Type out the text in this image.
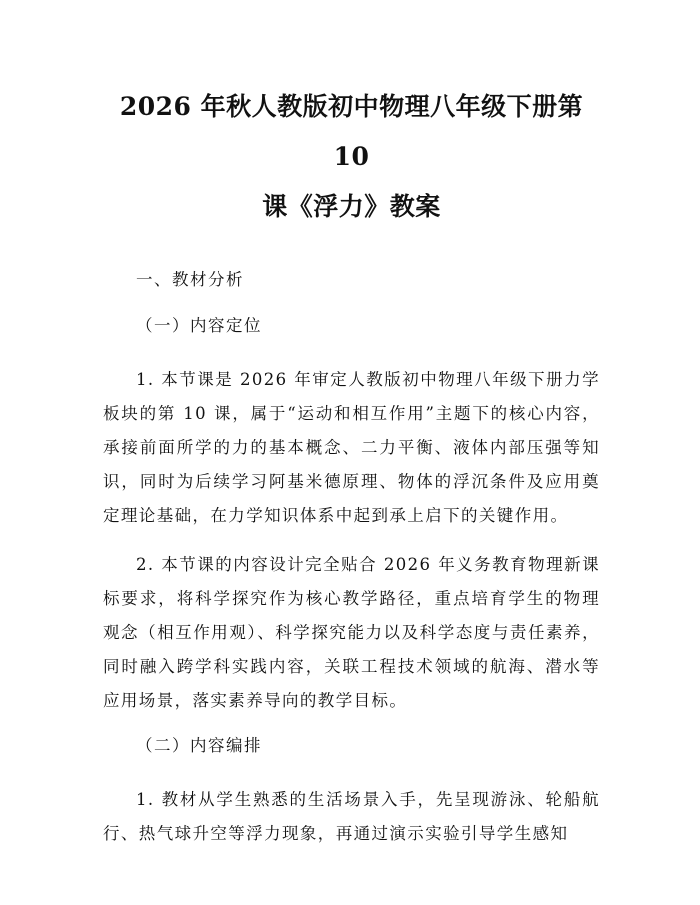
2026 年秋人教版初中物理八年级下册第 10
课《浮力》教案

一、教材分析

（一）内容定位

1. 本节课是 2026 年审定人教版初中物理八年级下册力学板块的第 10 课，属于“运动和相互作用”主题下的核心内容，承接前面所学的力的基本概念、二力平衡、液体内部压强等知识，同时为后续学习阿基米德原理、物体的浮沉条件及应用奠定理论基础，在力学知识体系中起到承上启下的关键作用。

2. 本节课的内容设计完全贴合 2026 年义务教育物理新课标要求，将科学探究作为核心教学路径，重点培育学生的物理观念（相互作用观）、科学探究能力以及科学态度与责任素养，同时融入跨学科实践内容，关联工程技术领域的航海、潜水等应用场景，落实素养导向的教学目标。

（二）内容编排

1. 教材从学生熟悉的生活场景入手，先呈现游泳、轮船航行、热气球升空等浮力现象，再通过演示实验引导学生感知
